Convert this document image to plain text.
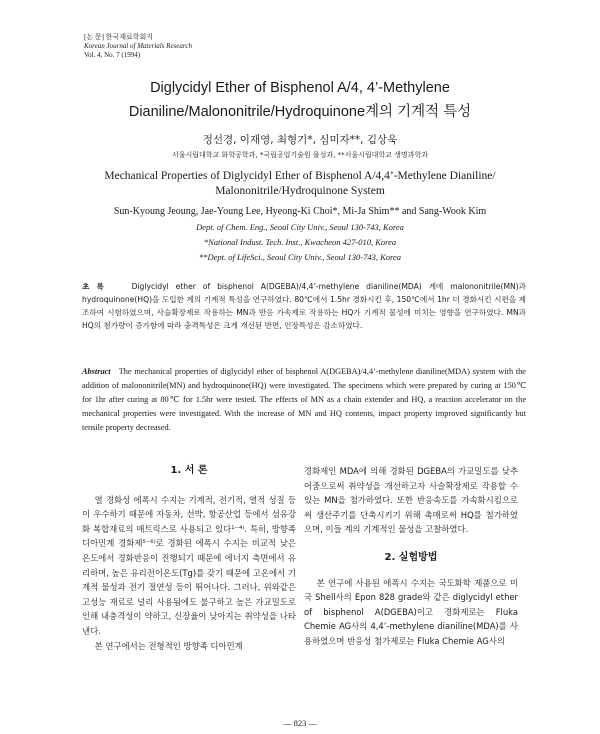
[논 문] 한국재료학회지
Korean Journal of Materials Research
Vol. 4, No. 7 (1994)
Diglycidyl Ether of Bisphenol A/4, 4’-Methylene
Dianiline/Malononitrile/Hydroquinone계의 기계적 특성
정선경, 이재영, 최형기*, 심미자**, 김상욱
서울시립대학교 화학공학과, *국립공업기술원 물성과, **서울시립대학교 생명과학과
Mechanical Properties of Diglycidyl Ether of Bisphenol A/4,4’-Methylene Dianiline/
Malononitrile/Hydroquinone System
Sun-Kyoung Jeoung, Jae-Young Lee, Hyeong-Ki Choi*, Mi-Ja Shim** and Sang-Wook Kim
Dept. of Chem. Eng., Seoul City Univ., Seoul 130-743, Korea
*National Indust. Tech. Inst., Kwacheon 427-010, Korea
**Dept. of LifeSci., Seoul City Univ., Seoul 130-743, Korea
초 록	Diglycidyl ether of bisphenol A(DGEBA)/4,4’-methylene dianiline(MDA) 계에 malononitrile(MN)과 hydroquinone(HQ)을 도입한 계의 기계적 특성을 연구하였다. 80℃에서 1.5hr 경화시킨 후, 150℃에서 1hr 더 경화시킨 시편을 제조하여 시험하였으며, 사슬확장제로 작용하는 MN과 반응 가속제로 작용하는 HQ가 기계적 물성에 미치는 영향을 연구하였다. MN과 HQ의 첨가량이 증가함에 따라 충격특성은 크게 개선된 반면, 인장특성은 감소하였다.
Abstract The mechanical properties of diglycidyl ether of bisphenol A(DGEBA)/4,4’-methylene dianiline(MDA) system with the addition of malononitrile(MN) and hydroquinone(HQ) were investigated. The specimens which were prepared by curing at 150℃ for 1hr after curing at 80℃ for 1.5hr were tested. The effects of MN as a chain extender and HQ, a reaction accelerator on the mechanical properties were investigated. With the increase of MN and HQ contents, impact property improved significantly but tensile property decreased.
1. 서 론

열 경화성 에폭시 수지는 기계적, 전기적, 열적 성질 등이 우수하기 때문에 자동차, 선박, 항공산업 등에서 섬유강화 복합재료의 매트릭스로 사용되고 있다¹⁻⁴⁾. 특히, 방향족 디아민계 경화제⁵⁻⁶⁾로 경화된 에폭시 수지는 비교적 낮은 온도에서 경화반응이 진행되기 때문에 에너지 측면에서 유리하며, 높은 유리전이온도(Tg)를 갖기 때문에 고온에서 기계적 물성과 전기 절연성 등이 뛰어나다. 그러나, 위와같은 고성능 재료로 널리 사용됨에도 불구하고 높은 가교밀도로 인해 내충격성이 약하고, 신장율이 낮아지는 취약성을 나타낸다.

본 연구에서는 전형적인 방향족 디아민계

경화제인 MDA에 의해 경화된 DGEBA의 가교밀도를 낮추어줌으로써 취약성을 개선하고자 사슬확장제로 작용할 수 있는 MN을 첨가하였다. 또한 반응속도를 가속화시킴으로써 생산주기를 단축시키기 위해 촉매로써 HQ를 첨가하였으며, 이들 계의 기계적인 물성을 고찰하였다.

2. 실험방법

본 연구에 사용된 에폭시 수지는 국도화학 제품으로 미국 Shell사의 Epon 828 grade와 같은 diglycidyl ether of bisphenol A(DGEBA)이고 경화제로는 Fluka Chemie AG사의 4,4’-methylene dianiline(MDA)를 사용하였으며 반응성 첨가제로는 Fluka Chemie AG사의

— 823 —
